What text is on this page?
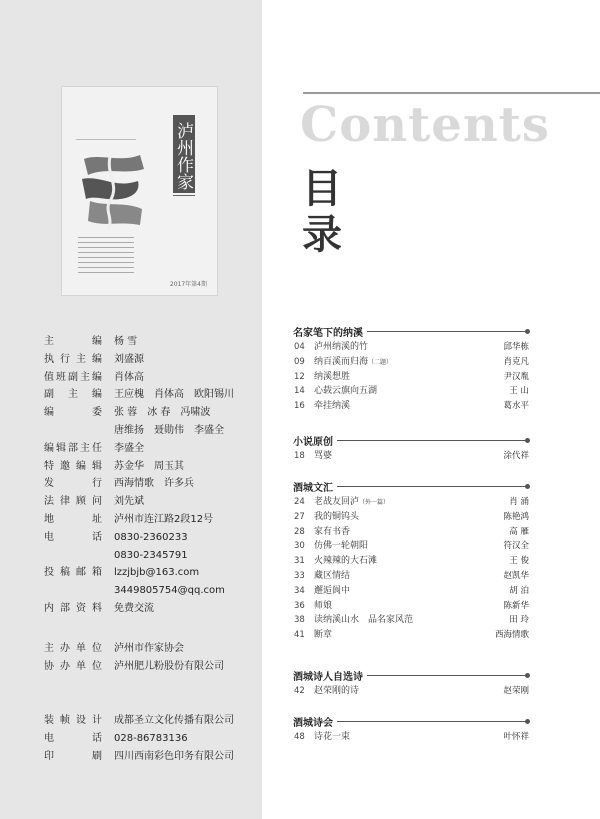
泸州作家
2017年第4期
主编 杨 雪
执行主编 刘盛源
值班副主编 肖体高
副主编 王应槐 肖体高 欧阳锡川
编委 张 蓉 冰 春 冯啸波
唐维扬 聂勋伟 李盛全
编辑部主任 李盛全
特邀编辑 苏金华 周玉其
发行 西海情歌 许多兵
法律顾问 刘先斌
地址 泸州市连江路2段12号
电话 0830-2360233
0830-2345791
投稿邮箱 lzzjbjb@163.com
3449805754@qq.com
内部资料 免费交流
主办单位 泸州市作家协会
协办单位 泸州肥儿粉股份有限公司
装帧设计 成都圣立文化传播有限公司
电话 028-86783136
印刷 四川西南彩色印务有限公司
Contents
目
录
名家笔下的纳溪
04 泸州纳溪的竹	邱华栋
09 纳百溪而归海（二题）	肖克凡
12 纳溪想胜	尹汉胤
14 心载云旗向五湖	王 山
16 牵挂纳溪	葛水平
小说原创
18 骂婆	涂代祥
酒城文汇
24 老战友回泸（外一篇）	肖 涌
27 我的铜钨头	陈艳鸿
28 家有书香	高 雁
30 仿佛一轮朝阳	符汉全
31 火辣辣的大石滩	王 俊
33 藏区情结	赵凯华
34 邂逅阆中	胡 泊
36 师娘	陈新华
38 读纳溪山水　品名家风范	田 玲
41 断章	西海情歌
酒城诗人自选诗
42 赵荣刚的诗	赵荣刚
酒城诗会
48 诗花一束	叶怀祥
